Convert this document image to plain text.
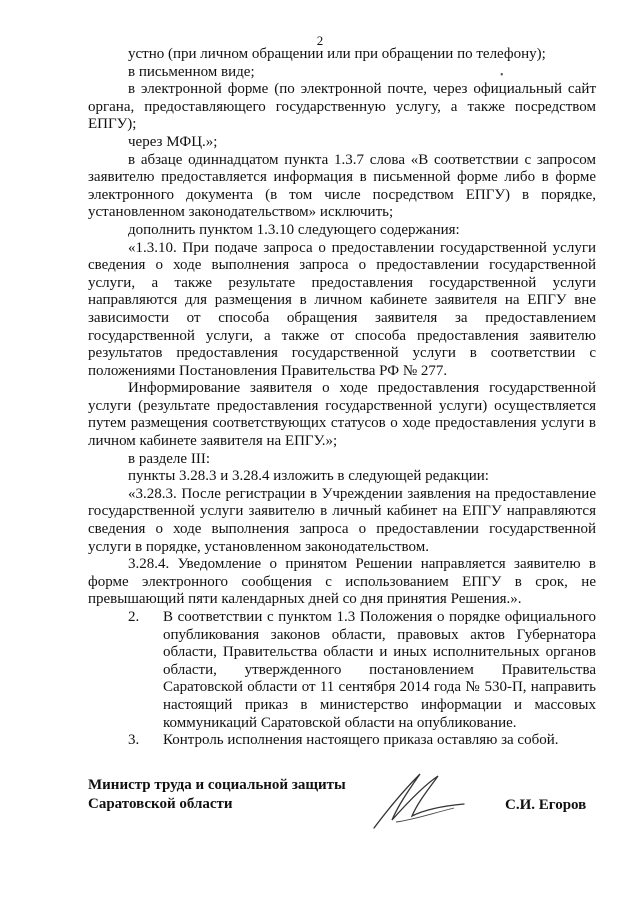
2
•

устно (при личном обращении или при обращении по телефону);

в письменном виде;

в электронной форме (по электронной почте, через официальный сайт органа, предоставляющего государственную услугу, а также посредством ЕПГУ);

через МФЦ.»;

в абзаце одиннадцатом пункта 1.3.7 слова «В соответствии с запросом заявителю предоставляется информация в письменной форме либо в форме электронного документа (в том числе посредством ЕПГУ) в порядке, установленном законодательством» исключить;

дополнить пунктом 1.3.10 следующего содержания:

«1.3.10. При подаче запроса о предоставлении государственной услуги сведения о ходе выполнения запроса о предоставлении государственной услуги, а также результате предоставления государственной услуги направляются для размещения в личном кабинете заявителя на ЕПГУ вне зависимости от способа обращения заявителя за предоставлением государственной услуги, а также от способа предоставления заявителю результатов предоставления государственной услуги в соответствии с положениями Постановления Правительства РФ № 277.

Информирование заявителя о ходе предоставления государственной услуги (результате предоставления государственной услуги) осуществляется путем размещения соответствующих статусов о ходе предоставления услуги в личном кабинете заявителя на ЕПГУ.»;

в разделе III:

пункты 3.28.3 и 3.28.4 изложить в следующей редакции:

«3.28.3. После регистрации в Учреждении заявления на предоставление государственной услуги заявителю в личный кабинет на ЕПГУ направляются сведения о ходе выполнения запроса о предоставлении государственной услуги в порядке, установленном законодательством.

3.28.4. Уведомление о принятом Решении направляется заявителю в форме электронного сообщения с использованием ЕПГУ в срок, не превышающий пяти календарных дней со дня принятия Решения.».

2.	В соответствии с пунктом 1.3 Положения о порядке официального опубликования законов области, правовых актов Губернатора области, Правительства области и иных исполнительных органов области, утвержденного постановлением Правительства Саратовской области от 11 сентября 2014 года № 530-П, направить настоящий приказ в министерство информации и массовых коммуникаций Саратовской области на опубликование.

3.	Контроль исполнения настоящего приказа оставляю за собой.

Министр труда и социальной защиты
Саратовской области	С.И. Егоров
